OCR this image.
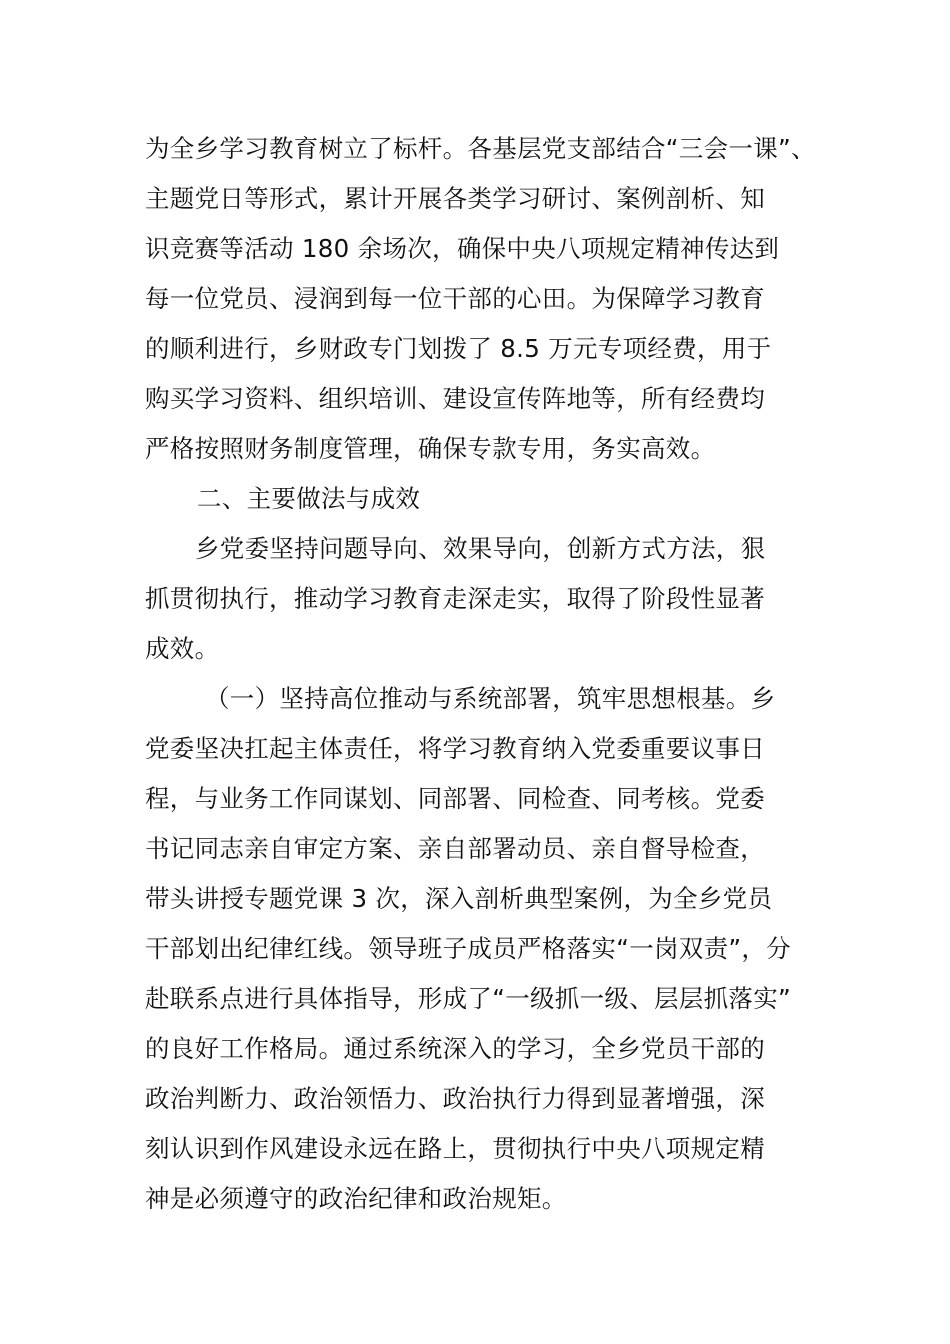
为全乡学习教育树立了标杆。各基层党支部结合“三会一课”、
主题党日等形式，累计开展各类学习研讨、案例剖析、知
识竞赛等活动 180 余场次，确保中央八项规定精神传达到
每一位党员、浸润到每一位干部的心田。为保障学习教育
的顺利进行，乡财政专门划拨了 8.5 万元专项经费，用于
购买学习资料、组织培训、建设宣传阵地等，所有经费均
严格按照财务制度管理，确保专款专用，务实高效。
二、主要做法与成效
乡党委坚持问题导向、效果导向，创新方式方法，狠
抓贯彻执行，推动学习教育走深走实，取得了阶段性显著
成效。
（一）坚持高位推动与系统部署，筑牢思想根基。乡
党委坚决扛起主体责任，将学习教育纳入党委重要议事日
程，与业务工作同谋划、同部署、同检查、同考核。党委
书记同志亲自审定方案、亲自部署动员、亲自督导检查，
带头讲授专题党课 3 次，深入剖析典型案例，为全乡党员
干部划出纪律红线。领导班子成员严格落实“一岗双责”，分
赴联系点进行具体指导，形成了“一级抓一级、层层抓落实”
的良好工作格局。通过系统深入的学习，全乡党员干部的
政治判断力、政治领悟力、政治执行力得到显著增强，深
刻认识到作风建设永远在路上，贯彻执行中央八项规定精
神是必须遵守的政治纪律和政治规矩。
